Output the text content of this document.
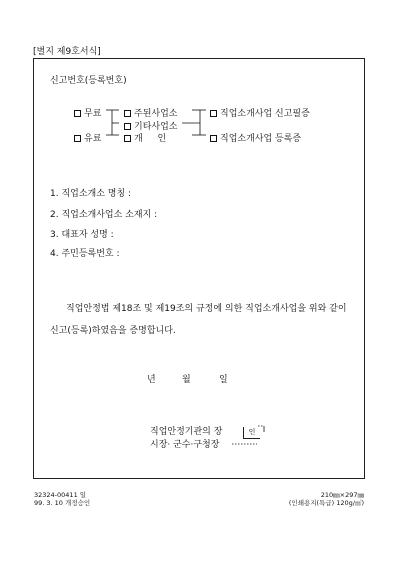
[별지 제9호서식]
신고번호(등록번호)
무료
유료
주된사업소
기타사업소
개 인
직업소개사업 신고필증
직업소개사업 등록증
1. 직업소개소 명칭 :
2. 직업소개사업소 소재지 :
3. 대표자 성명 :
4. 주민등록번호 :
직업안정법 제18조 및 제19조의 규정에 의한 직업소개사업을 위와 같이
신고(등록)하였음을 증명합니다.
년	월	일
직업안정기관의 장
시장· 군수·구청장
인
32324-00411 일
99. 3. 10 개정승인
210㎜×297㎜
(인쇄용지(특급) 120g/㎡)
